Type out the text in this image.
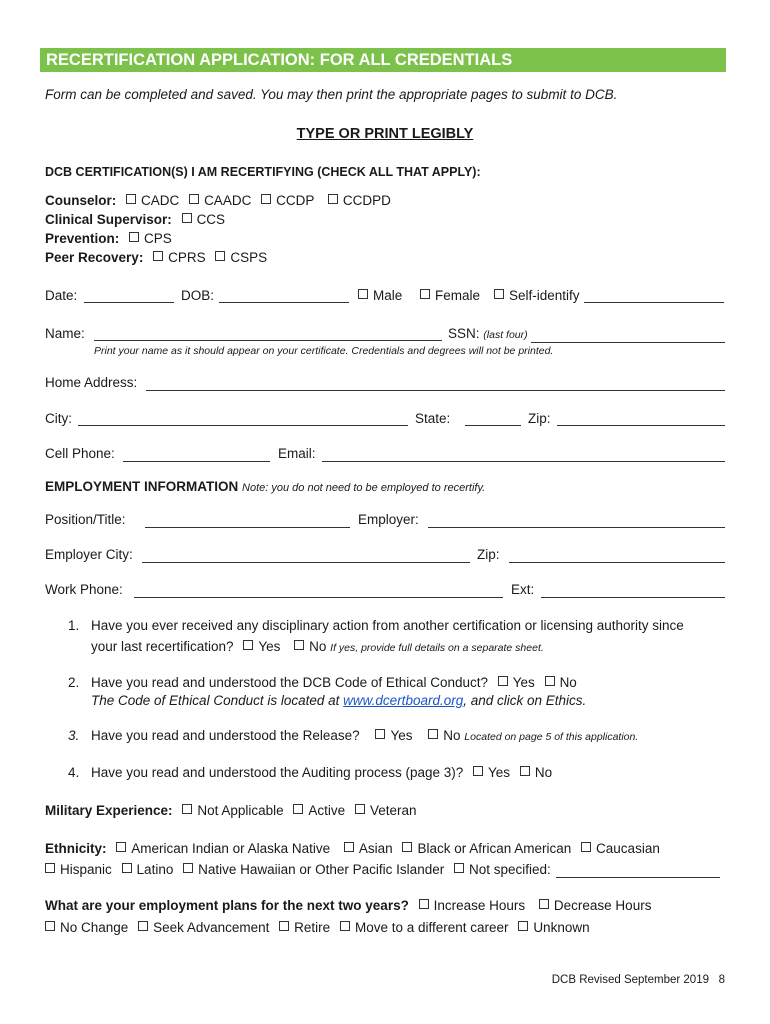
RECERTIFICATION APPLICATION: FOR ALL CREDENTIALS
Form can be completed and saved. You may then print the appropriate pages to submit to DCB.
TYPE OR PRINT LEGIBLY
DCB CERTIFICATION(S) I AM RECERTIFYING (CHECK ALL THAT APPLY):
Counselor: CADC CAADC CCDP CCDPD
Clinical Supervisor: CCS
Prevention: CPS
Peer Recovery: CPRS CSPS
Date:	DOB:	Male	Female	Self-identify
Name:	SSN: (last four)
Print your name as it should appear on your certificate. Credentials and degrees will not be printed.
Home Address:
City:	State:	Zip:
Cell Phone:	Email:
EMPLOYMENT INFORMATION Note: you do not need to be employed to recertify.
Position/Title:	Employer:
Employer City:	Zip:
Work Phone:	Ext:
1. Have you ever received any disciplinary action from another certification or licensing authority since
your last recertification? Yes No If yes, provide full details on a separate sheet.
2. Have you read and understood the DCB Code of Ethical Conduct? Yes No
The Code of Ethical Conduct is located at www.dcertboard.org, and click on Ethics.
3. Have you read and understood the Release? Yes No Located on page 5 of this application.
4. Have you read and understood the Auditing process (page 3)? Yes No
Military Experience: Not Applicable Active Veteran
Ethnicity: American Indian or Alaska Native Asian Black or African American Caucasian
Hispanic Latino Native Hawaiian or Other Pacific Islander Not specified:
What are your employment plans for the next two years? Increase Hours Decrease Hours
No Change Seek Advancement Retire Move to a different career Unknown
DCB Revised September 2019 8
